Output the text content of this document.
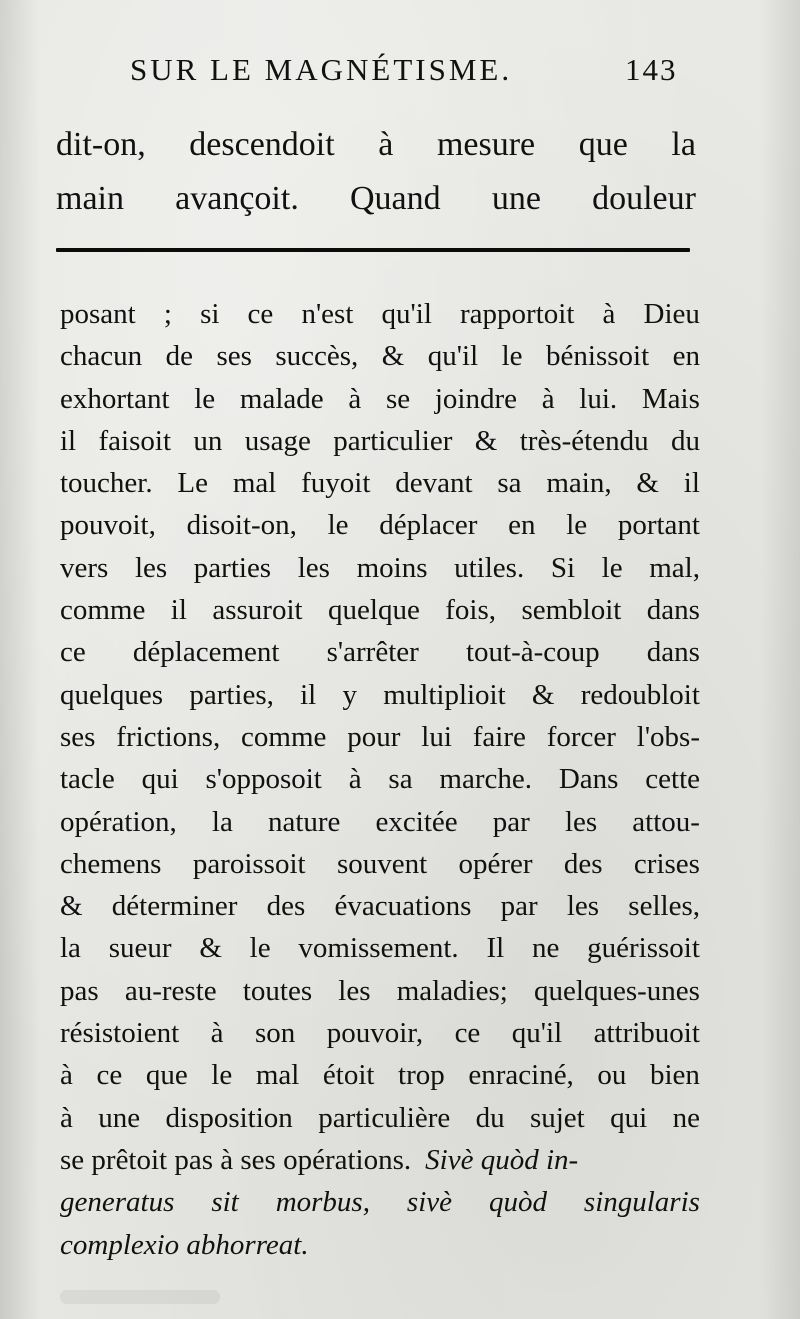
SUR LE MAGNÉTISME.	143
dit-on, descendoit à mesure que la
main avançoit. Quand une douleur
posant ; si ce n'est qu'il rapportoit à Dieu
chacun de ses succès, & qu'il le bénissoit en
exhortant le malade à se joindre à lui. Mais
il faisoit un usage particulier & très-étendu du
toucher. Le mal fuyoit devant sa main, & il
pouvoit, disoit-on, le déplacer en le portant
vers les parties les moins utiles. Si le mal,
comme il assuroit quelque fois, sembloit dans
ce déplacement s'arrêter tout-à-coup dans
quelques parties, il y multiplioit & redoubloit
ses frictions, comme pour lui faire forcer l'obs-
tacle qui s'opposoit à sa marche. Dans cette
opération, la nature excitée par les attou-
chemens paroissoit souvent opérer des crises
& déterminer des évacuations par les selles,
la sueur & le vomissement. Il ne guérissoit
pas au-reste toutes les maladies; quelques-unes
résistoient à son pouvoir, ce qu'il attribuoit
à ce que le mal étoit trop enraciné, ou bien
à une disposition particulière du sujet qui ne
se prêtoit pas à ses opérations. Sivè quòd in-
generatus sit morbus, sivè quòd singularis
complexio abhorreat.
